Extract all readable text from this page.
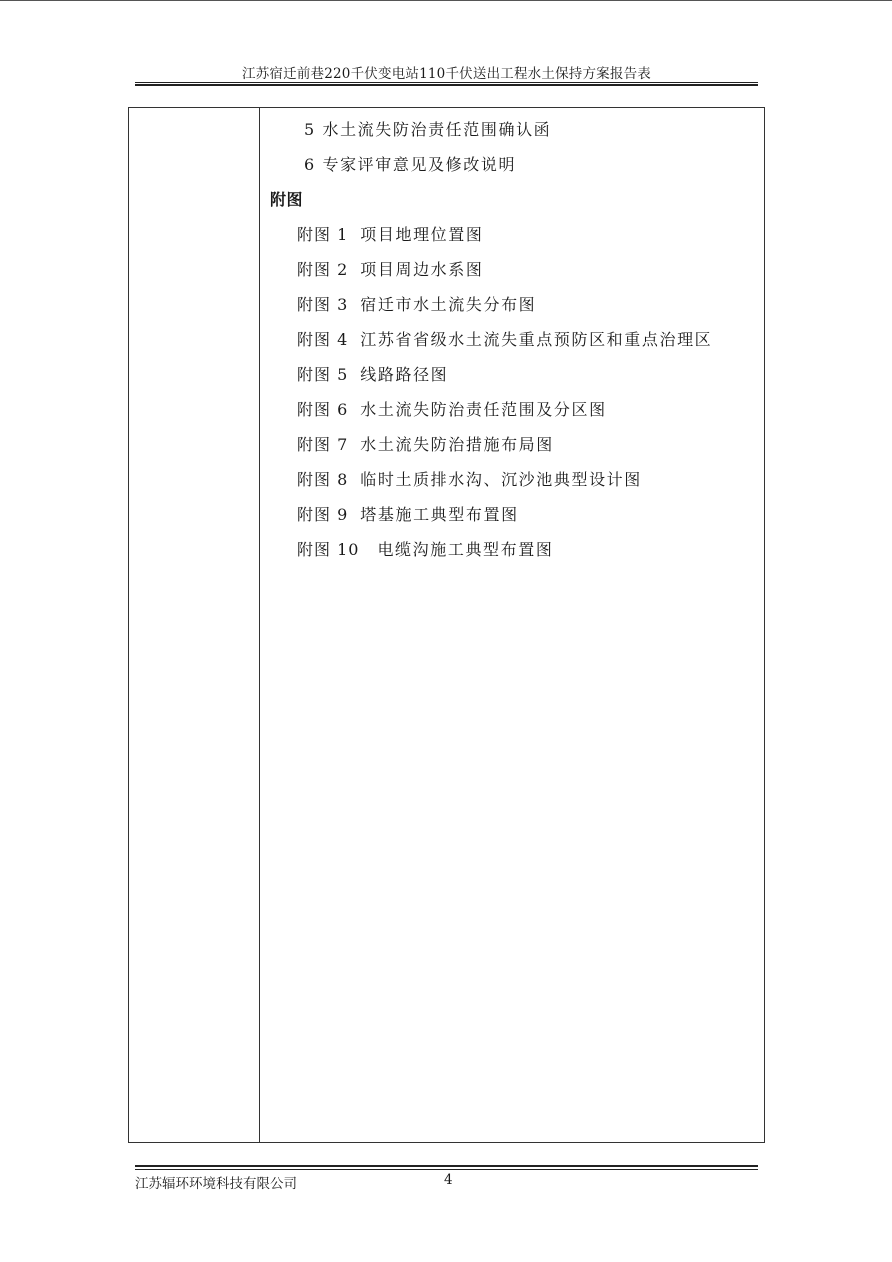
江苏宿迁前巷220千伏变电站110千伏送出工程水土保持方案报告表
5 水土流失防治责任范围确认函
6 专家评审意见及修改说明
附图
附图 1 项目地理位置图
附图 2 项目周边水系图
附图 3 宿迁市水土流失分布图
附图 4 江苏省省级水土流失重点预防区和重点治理区
附图 5 线路路径图
附图 6 水土流失防治责任范围及分区图
附图 7 水土流失防治措施布局图
附图 8 临时土质排水沟、沉沙池典型设计图
附图 9 塔基施工典型布置图
附图 10 电缆沟施工典型布置图
江苏辐环环境科技有限公司	4
